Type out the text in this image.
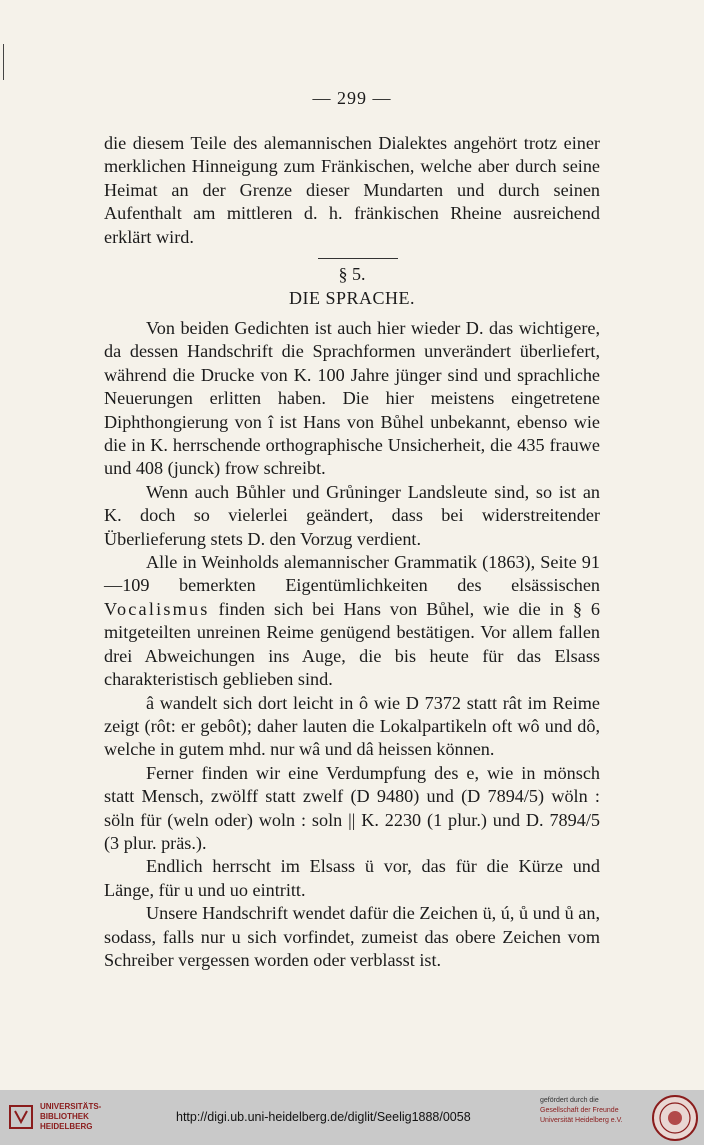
— 299 —

die diesem Teile des alemannischen Dialektes angehört trotz einer merklichen Hinneigung zum Fränkischen, welche aber durch seine Heimat an der Grenze dieser Mundarten und durch seinen Aufenthalt am mittleren d. h. fränkischen Rheine ausreichend erklärt wird.

§ 5.
DIE SPRACHE.

Von beiden Gedichten ist auch hier wieder D. das wichtigere, da dessen Handschrift die Sprachformen unverändert überliefert, während die Drucke von K. 100 Jahre jünger sind und sprachliche Neuerungen erlitten haben. Die hier meistens eingetretene Diphthongierung von î ist Hans von Bůhel unbekannt, ebenso wie die in K. herrschende orthographische Unsicherheit, die 435 frauwe und 408 (junck) frow schreibt.

Wenn auch Bůhler und Grůninger Landsleute sind, so ist an K. doch so vielerlei geändert, dass bei widerstreitender Überlieferung stets D. den Vorzug verdient.

Alle in Weinholds alemannischer Grammatik (1863), Seite 91—109 bemerkten Eigentümlichkeiten des elsässischen Vocalismus finden sich bei Hans von Bůhel, wie die in § 6 mitgeteilten unreinen Reime genügend bestätigen. Vor allem fallen drei Abweichungen ins Auge, die bis heute für das Elsass charakteristisch geblieben sind.

â wandelt sich dort leicht in ô wie D 7372 statt rât im Reime zeigt (rôt: er gebôt); daher lauten die Lokalpartikeln oft wô und dô, welche in gutem mhd. nur wâ und dâ heissen können.

Ferner finden wir eine Verdumpfung des e, wie in mönsch statt Mensch, zwölff statt zwelf (D 9480) und (D 7894/5) wöln : söln für (weln oder) woln : soln || K. 2230 (1 plur.) und D. 7894/5 (3 plur. präs.).

Endlich herrscht im Elsass ü vor, das für die Kürze und Länge, für u und uo eintritt.

Unsere Handschrift wendet dafür die Zeichen ü, ú, ů und ů an, sodass, falls nur u sich vorfindet, zumeist das obere Zeichen vom Schreiber vergessen worden oder verblasst ist.

UNIVERSITÄTS-
BIBLIOTHEK
HEIDELBERG
http://digi.ub.uni-heidelberg.de/diglit/Seelig1888/0058
gefördert durch die
Gesellschaft der Freunde
Universität Heidelberg e.V.
